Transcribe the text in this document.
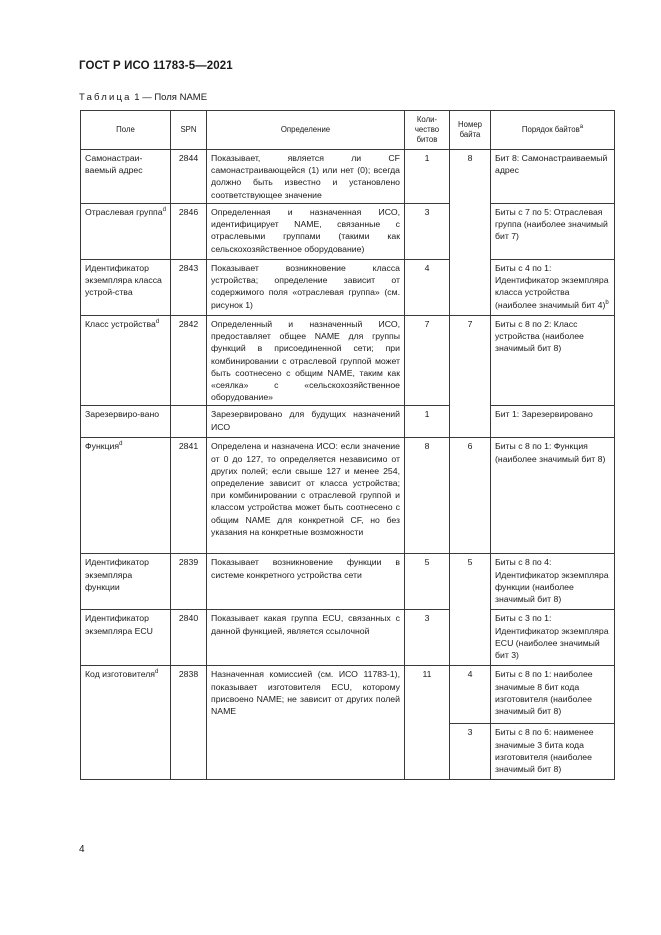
ГОСТ Р ИСО 11783-5—2021
Таблица 1 — Поля NAME
Поле	SPN	Определение	Коли-чество битов	Номер байта	Порядок байтов$^a$
Самонастраи-ваемый адрес	2844	Показывает, является ли CF самонастраивающейся (1) или нет (0); всегда должно быть известно и установлено соответствующее значение	1	8	Бит 8: Самонастраиваемый адрес
Отраслевая группа$^d$	2846	Определенная и назначенная ИСО, идентифицирует NAME, связанные с отраслевыми группами (такими как сельскохозяйственное оборудование)	3		Биты с 7 по 5: Отраслевая группа (наиболее значимый бит 7)
Идентификатор экземпляра класса устрой-ства	2843	Показывает возникновение класса устройства; определение зависит от содержимого поля «отраслевая группа» (см. рисунок 1)	4		Биты с 4 по 1: Идентификатор экземпляра класса устройства (наиболее значимый бит 4)$^b$
Класс устройства$^d$	2842	Определенный и назначенный ИСО, предоставляет общее NAME для группы функций в присоединенной сети; при комбинировании с отраслевой группой может быть соотнесено с общим NAME, таким как «сеялка» с «сельскохозяйственное оборудование»	7	7	Биты с 8 по 2: Класс устройства (наиболее значимый бит 8)
Зарезервиро-вано		Зарезервировано для будущих назначений ИСО	1		Бит 1: Зарезервировано
Функция$^d$	2841	Определена и назначена ИСО: если значение от 0 до 127, то определяется независимо от других полей; если свыше 127 и менее 254, определение зависит от класса устройства; при комбинировании с отраслевой группой и классом устройства может быть соотнесено с общим NAME для конкретной CF, но без указания на конкретные возможности	8	6	Биты с 8 по 1: Функция (наиболее значимый бит 8)
Идентификатор экземпляра функции	2839	Показывает возникновение функции в системе конкретного устройства сети	5	5	Биты с 8 по 4: Идентификатор экземпляра функции (наиболее значимый бит 8)
Идентификатор экземпляра ECU	2840	Показывает какая группа ECU, связанных с данной функцией, является ссылочной	3		Биты с 3 по 1: Идентификатор экземпляра ECU (наиболее значимый бит 3)
Код изготовителя$^d$	2838	Назначенная комиссией (см. ИСО 11783-1), показывает изготовителя ECU, которому присвоено NAME; не зависит от других полей NAME	11	4	Биты с 8 по 1: наиболее значимые 8 бит кода изготовителя (наиболее значимый бит 8)
				3	Биты с 8 по 6: наименее значимые 3 бита кода изготовителя (наиболее значимый бит 8)
4
